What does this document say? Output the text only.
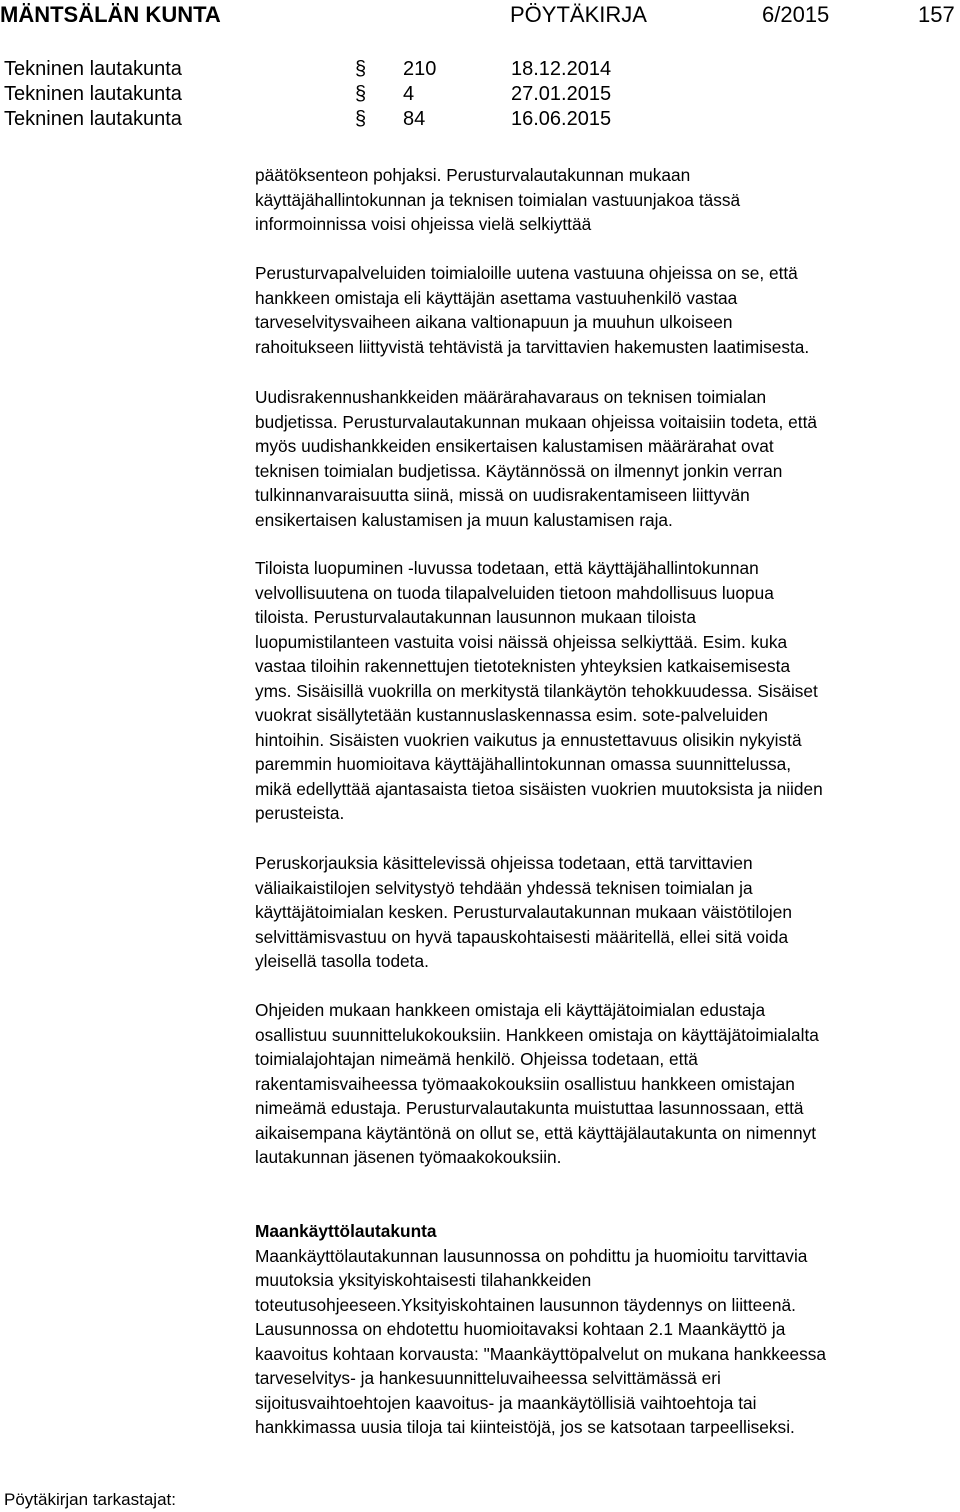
MÄNTSÄLÄN KUNTA	PÖYTÄKIRJA	6/2015	157
Tekninen lautakunta	210	18.12.2014
Tekninen lautakunta	4	27.01.2015
Tekninen lautakunta	84	16.06.2015

päätöksenteon pohjaksi. Perusturvalautakunnan mukaan

käyttäjähallintokunnan ja teknisen toimialan vastuunjakoa tässä

informoinnissa voisi ohjeissa vielä selkiyttää

Perusturvapalveluiden toimialoille uutena vastuuna ohjeissa on se, että

hankkeen omistaja eli käyttäjän asettama vastuuhenkilö vastaa

tarveselvitysvaiheen aikana valtionapuun ja muuhun ulkoiseen

rahoitukseen liittyvistä tehtävistä ja tarvittavien hakemusten laatimisesta.

Uudisrakennushankkeiden määrärahavaraus on teknisen toimialan

budjetissa. Perusturvalautakunnan mukaan ohjeissa voitaisiin todeta, että

myös uudishankkeiden ensikertaisen kalustamisen määrärahat ovat

teknisen toimialan budjetissa. Käytännössä on ilmennyt jonkin verran

tulkinnanvaraisuutta siinä, missä on uudisrakentamiseen liittyvän

ensikertaisen kalustamisen ja muun kalustamisen raja.

Tiloista luopuminen -luvussa todetaan, että käyttäjähallintokunnan

velvollisuutena on tuoda tilapalveluiden tietoon mahdollisuus luopua

tiloista. Perusturvalautakunnan lausunnon mukaan tiloista

luopumistilanteen vastuita voisi näissä ohjeissa selkiyttää. Esim. kuka

vastaa tiloihin rakennettujen tietoteknisten yhteyksien katkaisemisesta

yms. Sisäisillä vuokrilla on merkitystä tilankäytön tehokkuudessa. Sisäiset

vuokrat sisällytetään kustannuslaskennassa esim. sote-palveluiden

hintoihin. Sisäisten vuokrien vaikutus ja ennustettavuus olisikin nykyistä

paremmin huomioitava käyttäjähallintokunnan omassa suunnittelussa,

mikä edellyttää ajantasaista tietoa sisäisten vuokrien muutoksista ja niiden

perusteista.

Peruskorjauksia käsittelevissä ohjeissa todetaan, että tarvittavien

väliaikaistilojen selvitystyö tehdään yhdessä teknisen toimialan ja

käyttäjätoimialan kesken. Perusturvalautakunnan mukaan väistötilojen

selvittämisvastuu on hyvä tapauskohtaisesti määritellä, ellei sitä voida

yleisellä tasolla todeta.

Ohjeiden mukaan hankkeen omistaja eli käyttäjätoimialan edustaja

osallistuu suunnittelukokouksiin. Hankkeen omistaja on käyttäjätoimialalta

toimialajohtajan nimeämä henkilö. Ohjeissa todetaan, että

rakentamisvaiheessa työmaakokouksiin osallistuu hankkeen omistajan

nimeämä edustaja. Perusturvalautakunta muistuttaa lasunnossaan, että

aikaisempana käytäntönä on ollut se, että käyttäjälautakunta on nimennyt

lautakunnan jäsenen työmaakokouksiin.

Maankäyttölautakunta

Maankäyttölautakunnan lausunnossa on pohdittu ja huomioitu tarvittavia

muutoksia yksityiskohtaisesti tilahankkeiden

toteutusohjeeseen.Yksityiskohtainen lausunnon täydennys on liitteenä.

Lausunnossa on ehdotettu huomioitavaksi kohtaan 2.1 Maankäyttö ja

kaavoitus kohtaan korvausta: "Maankäyttöpalvelut on mukana hankkeessa

tarveselvitys- ja hankesuunnitteluvaiheessa selvittämässä eri

sijoitusvaihtoehtojen kaavoitus- ja maankäytöllisiä vaihtoehtoja tai

hankkimassa uusia tiloja tai kiinteistöjä, jos se katsotaan tarpeelliseksi.

Pöytäkirjan tarkastajat:
